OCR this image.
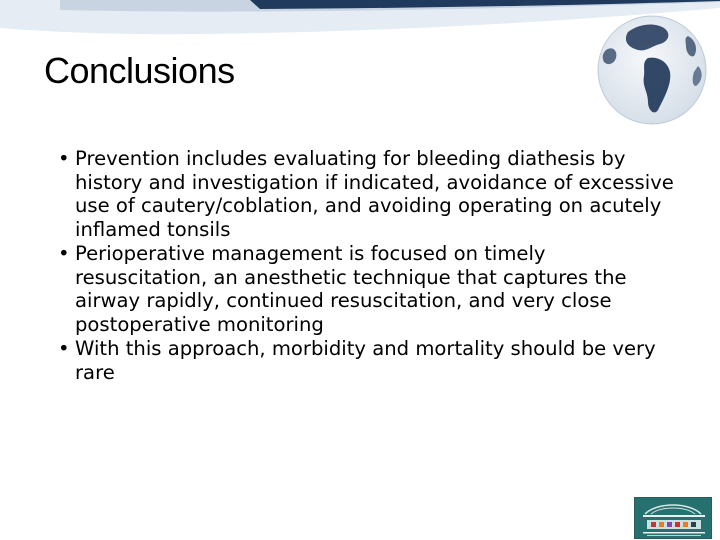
Conclusions
• Prevention includes evaluating for bleeding diathesis by history and investigation if indicated, avoidance of excessive use of cautery/coblation, and avoiding operating on acutely inflamed tonsils
• Perioperative management is focused on timely resuscitation, an anesthetic technique that captures the airway rapidly, continued resuscitation, and very close postoperative monitoring
• With this approach, morbidity and mortality should be very rare
